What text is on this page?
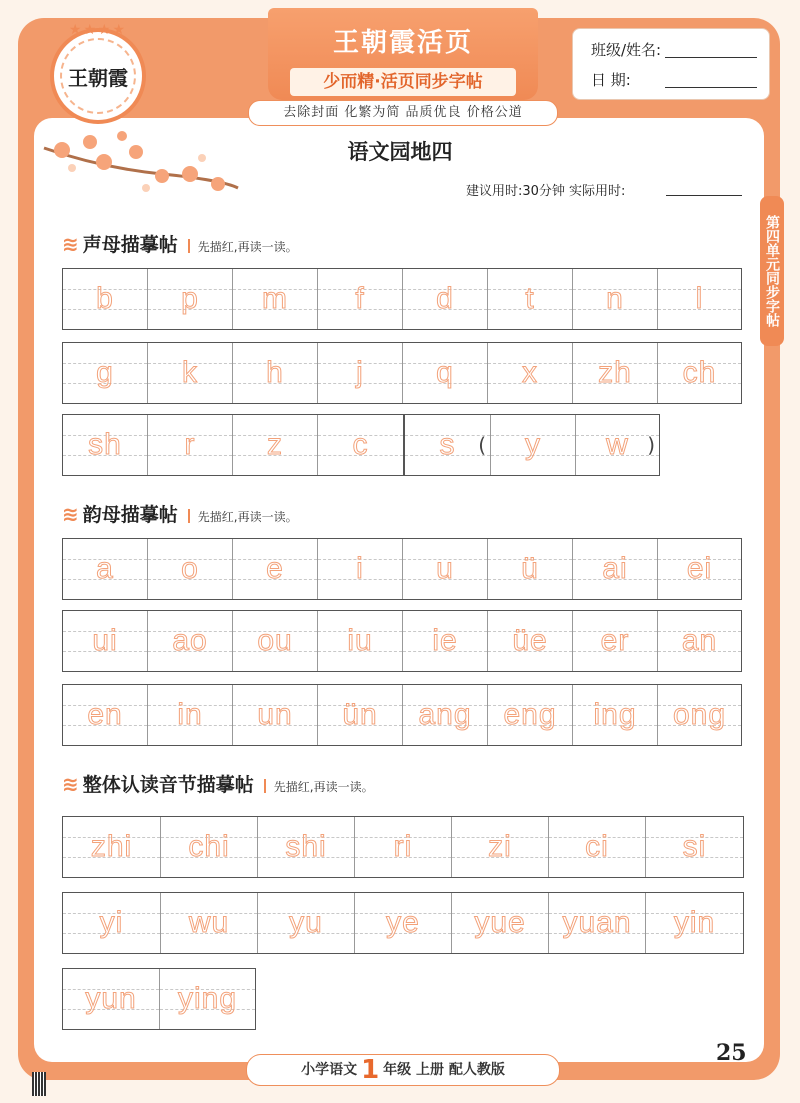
王朝霞活页
少而精·活页同步字帖
王朝霞
★★★★
班级/姓名:
日 期:
去除封面 化繁为简 品质优良 价格公道
第四单元同步字帖
语文园地四
建议用时:30分钟 实际用时:
≋ 声母描摹帖 先描红,再读一读。
b p m f d t n l
g k h j q x zh ch
sh r z c s ( y w )
≋ 韵母描摹帖 先描红,再读一读。
a o e i u ü ai ei
ui ao ou iu ie üe er an
en in un ün ang eng ing ong
≋ 整体认读音节描摹帖 先描红,再读一读。
zhi chi shi ri	zi ci si
yi wu yu ye yue yuan yin
yun ying
25
小学语文 1 年级 上册 配人教版
